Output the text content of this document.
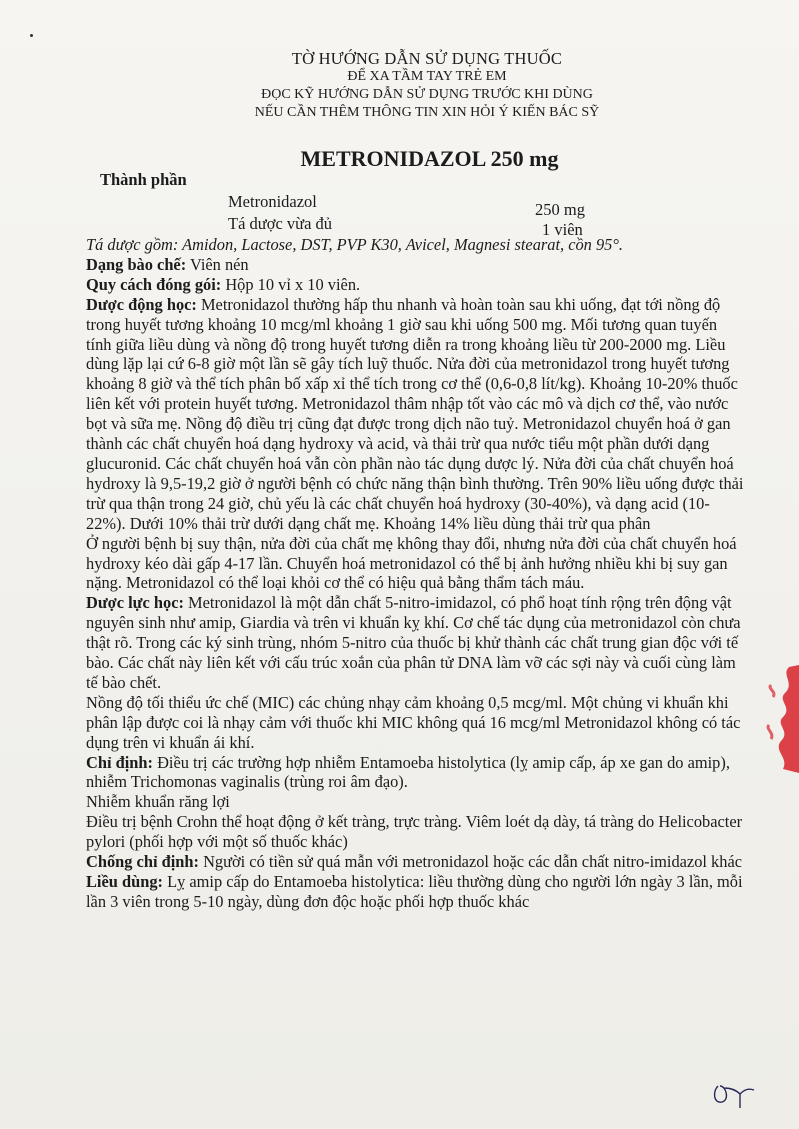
TỜ HƯỚNG DẪN SỬ DỤNG THUỐC
ĐỂ XA TẦM TAY TRẺ EM
ĐỌC KỸ HƯỚNG DẪN SỬ DỤNG TRƯỚC KHI DÙNG
NẾU CẦN THÊM THÔNG TIN XIN HỎI Ý KIẾN BÁC SỸ
METRONIDAZOL 250 mg
Thành phần
Metronidazol	250 mg
Tá dược vừa đủ	1 viên

Tá dược gồm: Amidon, Lactose, DST, PVP K30, Avicel, Magnesi stearat, cồn 95°.

Dạng bào chế: Viên nén

Quy cách đóng gói: Hộp 10 vỉ x 10 viên.

Dược động học: Metronidazol thường hấp thu nhanh và hoàn toàn sau khi uống, đạt tới nồng độ trong huyết tương khoảng 10 mcg/ml khoảng 1 giờ sau khi uống 500 mg. Mối tương quan tuyến tính giữa liều dùng và nồng độ trong huyết tương diễn ra trong khoảng liều từ 200-2000 mg. Liều dùng lặp lại cứ 6-8 giờ một lần sẽ gây tích luỹ thuốc. Nửa đời của metronidazol trong huyết tương khoảng 8 giờ và thể tích phân bố xấp xỉ thể tích trong cơ thể (0,6-0,8 lít/kg). Khoảng 10-20% thuốc liên kết với protein huyết tương. Metronidazol thâm nhập tốt vào các mô và dịch cơ thể, vào nước bọt và sữa mẹ. Nồng độ điều trị cũng đạt được trong dịch não tuỷ. Metronidazol chuyển hoá ở gan thành các chất chuyển hoá dạng hydroxy và acid, và thải trừ qua nước tiểu một phần dưới dạng glucuronid. Các chất chuyển hoá vẫn còn phần nào tác dụng dược lý. Nửa đời của chất chuyển hoá hydroxy là 9,5-19,2 giờ ở người bệnh có chức năng thận bình thường. Trên 90% liều uống được thải trừ qua thận trong 24 giờ, chủ yếu là các chất chuyển hoá hydroxy (30-40%), và dạng acid (10-22%). Dưới 10% thải trừ dưới dạng chất mẹ. Khoảng 14% liều dùng thải trừ qua phân

Ở người bệnh bị suy thận, nửa đời của chất mẹ không thay đổi, nhưng nửa đời của chất chuyển hoá hydroxy kéo dài gấp 4-17 lần. Chuyển hoá metronidazol có thể bị ảnh hưởng nhiều khi bị suy gan nặng. Metronidazol có thể loại khỏi cơ thể có hiệu quả bằng thẩm tách máu.

Dược lực học: Metronidazol là một dẫn chất 5-nitro-imidazol, có phổ hoạt tính rộng trên động vật nguyên sinh như amip, Giardia và trên vi khuẩn kỵ khí. Cơ chế tác dụng của metronidazol còn chưa thật rõ. Trong các ký sinh trùng, nhóm 5-nitro của thuốc bị khử thành các chất trung gian độc với tế bào. Các chất này liên kết với cấu trúc xoắn của phân tử DNA làm vỡ các sợi này và cuối cùng làm tế bào chết.

Nồng độ tối thiểu ức chế (MIC) các chủng nhạy cảm khoảng 0,5 mcg/ml. Một chủng vi khuẩn khi phân lập được coi là nhạy cảm với thuốc khi MIC không quá 16 mcg/ml Metronidazol không có tác dụng trên vi khuẩn ái khí.

Chỉ định: Điều trị các trường hợp nhiễm Entamoeba histolytica (lỵ amip cấp, áp xe gan do amip), nhiễm Trichomonas vaginalis (trùng roi âm đạo).

Nhiễm khuẩn răng lợi

Điều trị bệnh Crohn thể hoạt động ở kết tràng, trực tràng. Viêm loét dạ dày, tá tràng do Helicobacter pylori (phối hợp với một số thuốc khác)

Chống chỉ định: Người có tiền sử quá mẫn với metronidazol hoặc các dẫn chất nitro-imidazol khác

Liều dùng: Lỵ amip cấp do Entamoeba histolytica: liều thường dùng cho người lớn ngày 3 lần, mỗi lần 3 viên trong 5-10 ngày, dùng đơn độc hoặc phối hợp thuốc khác
